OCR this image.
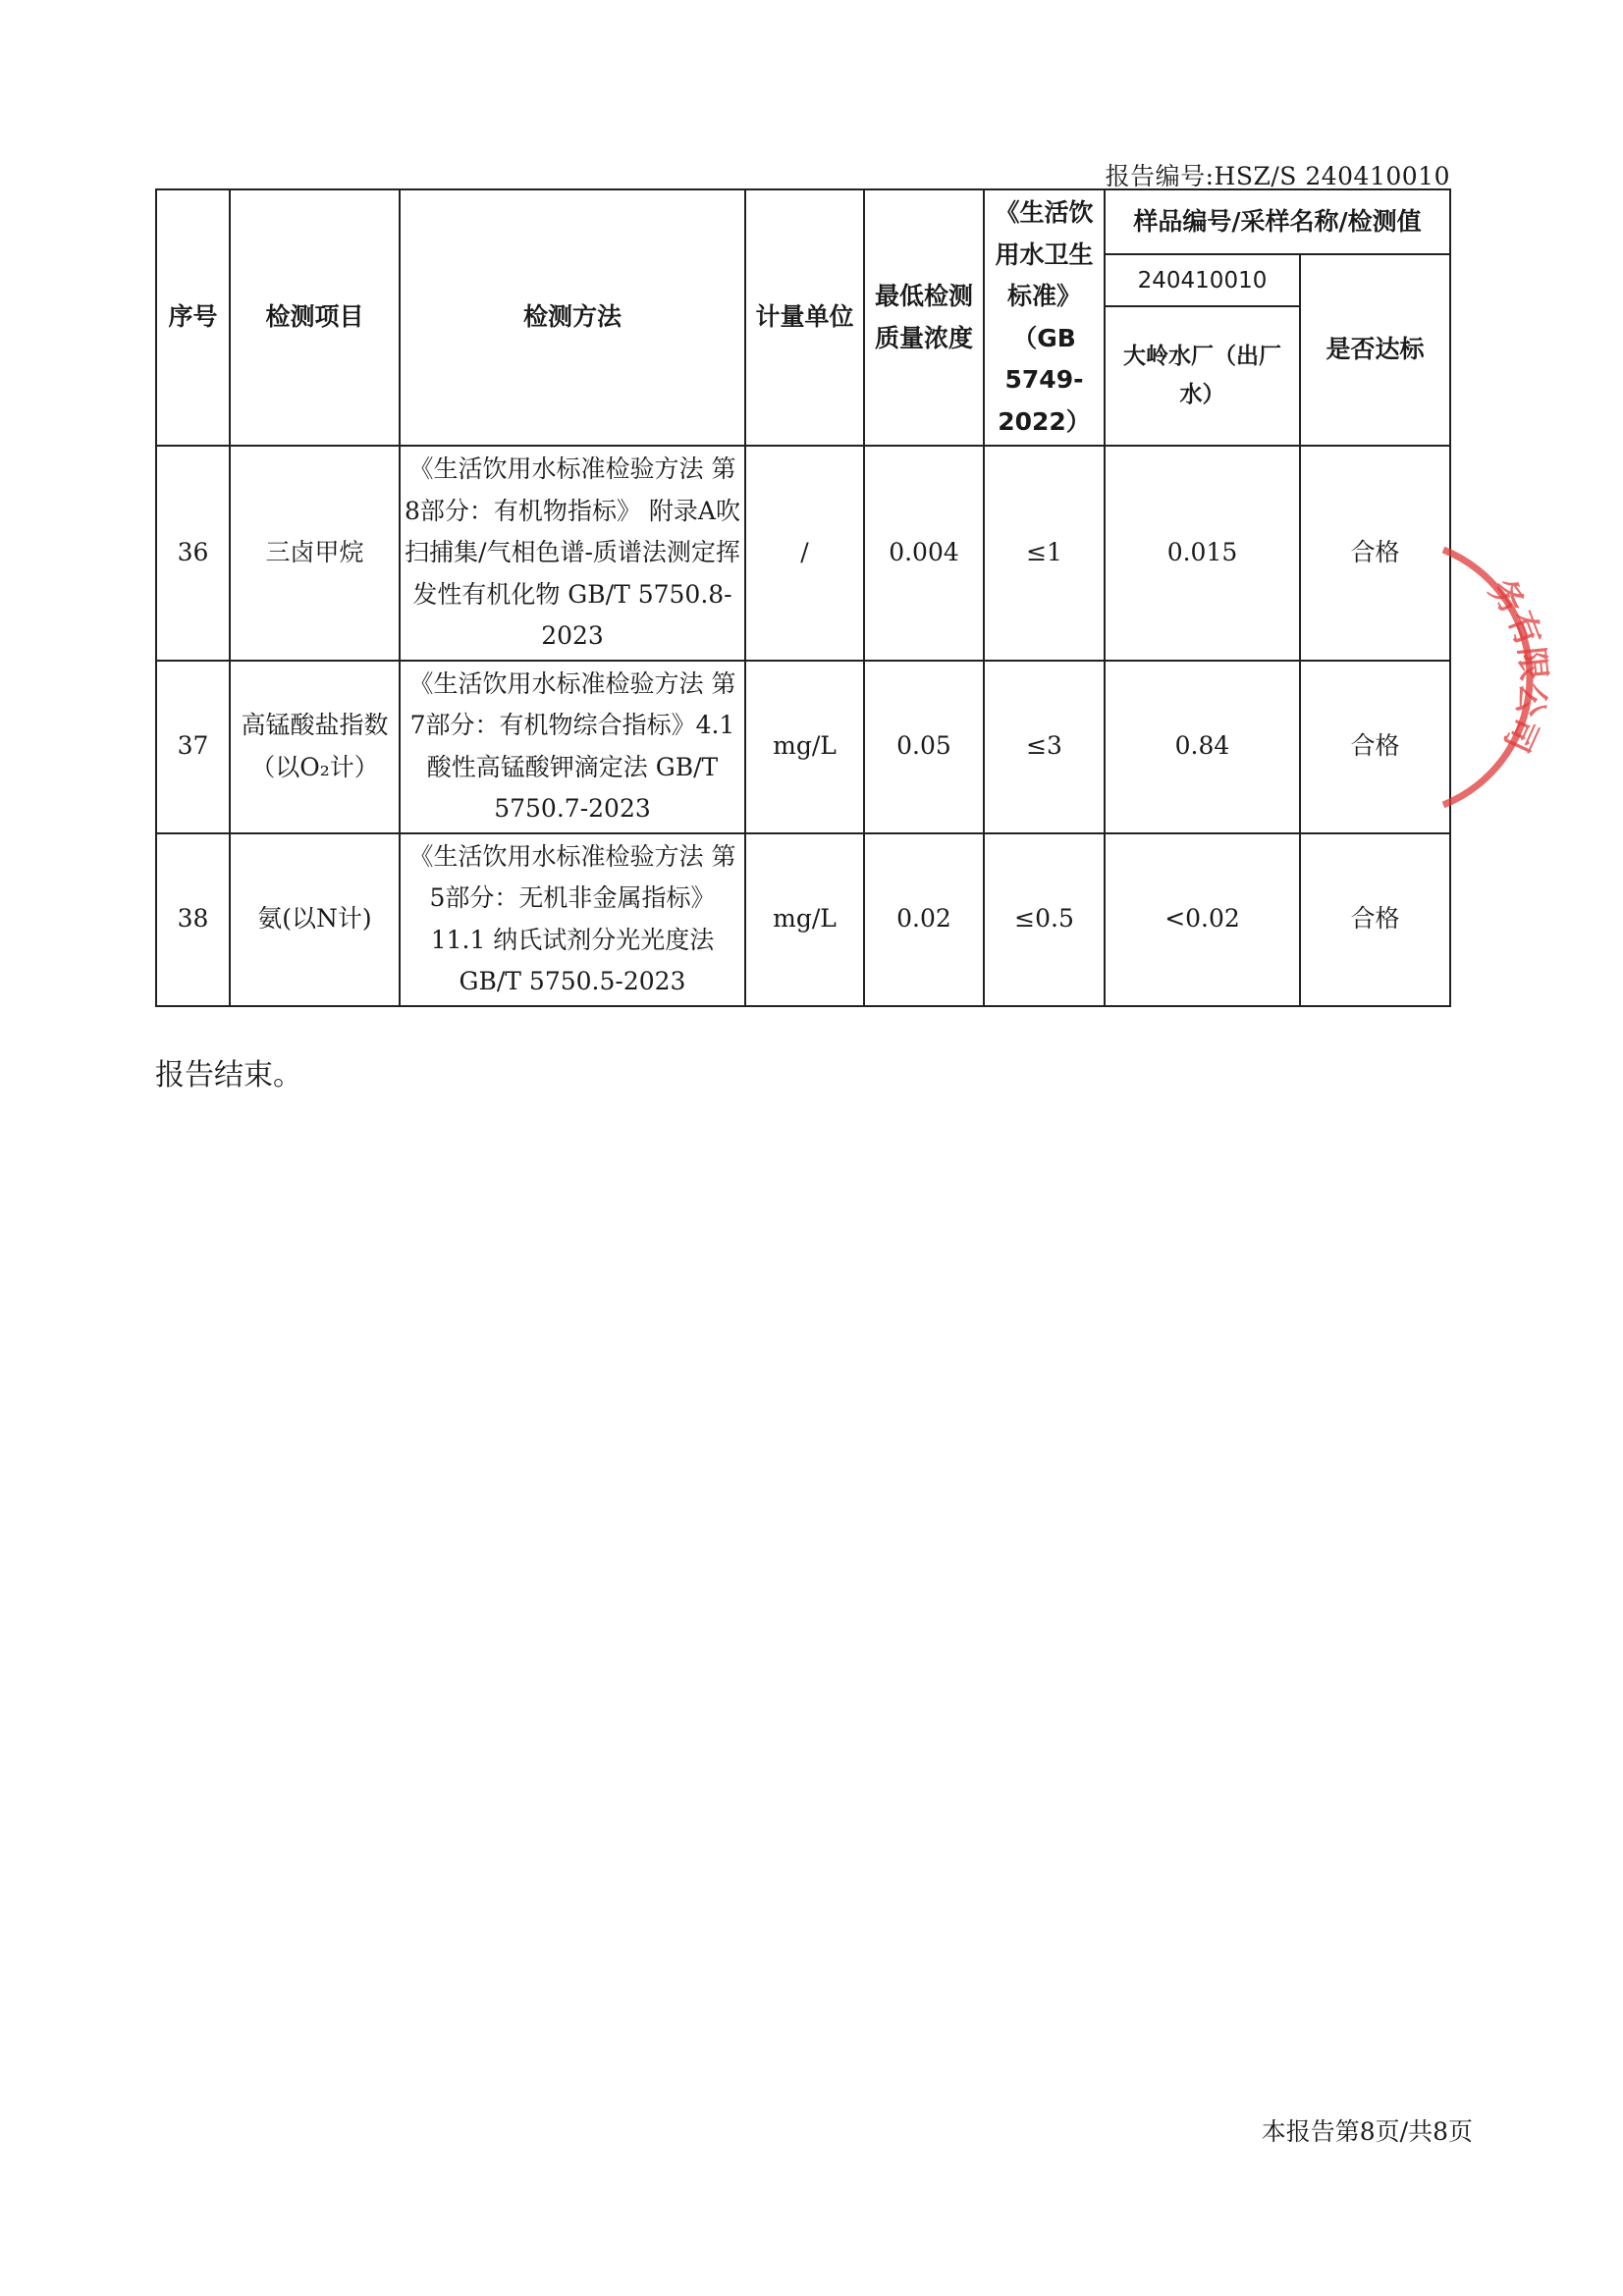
报告编号:HSZ/S 240410010
序号	检测项目	检测方法	计量单位	最低检测质量浓度	《生活饮用水卫生标准》（GB 5749-2022）	样品编号/采样名称/检测值	

						240410010
大岭水厂（出厂水）	是否达标
36	三卤甲烷	《生活饮用水标准检验方法 第8部分：有机物指标》 附录A吹扫捕集/气相色谱-质谱法测定挥发性有机化物 GB/T 5750.8-2023	/	0.004	≤1	0.015	合格
37	高锰酸盐指数（以O₂计）	《生活饮用水标准检验方法 第7部分：有机物综合指标》4.1 酸性高锰酸钾滴定法 GB/T 5750.7-2023	mg/L	0.05	≤3	0.84	合格
38	氨(以N计)	《生活饮用水标准检验方法 第5部分：无机非金属指标》11.1 纳氏试剂分光光度法 GB/T 5750.5-2023	mg/L	0.02	≤0.5	<0.02	合格
报告结束。
本报告第8页/共8页
务有限公司
